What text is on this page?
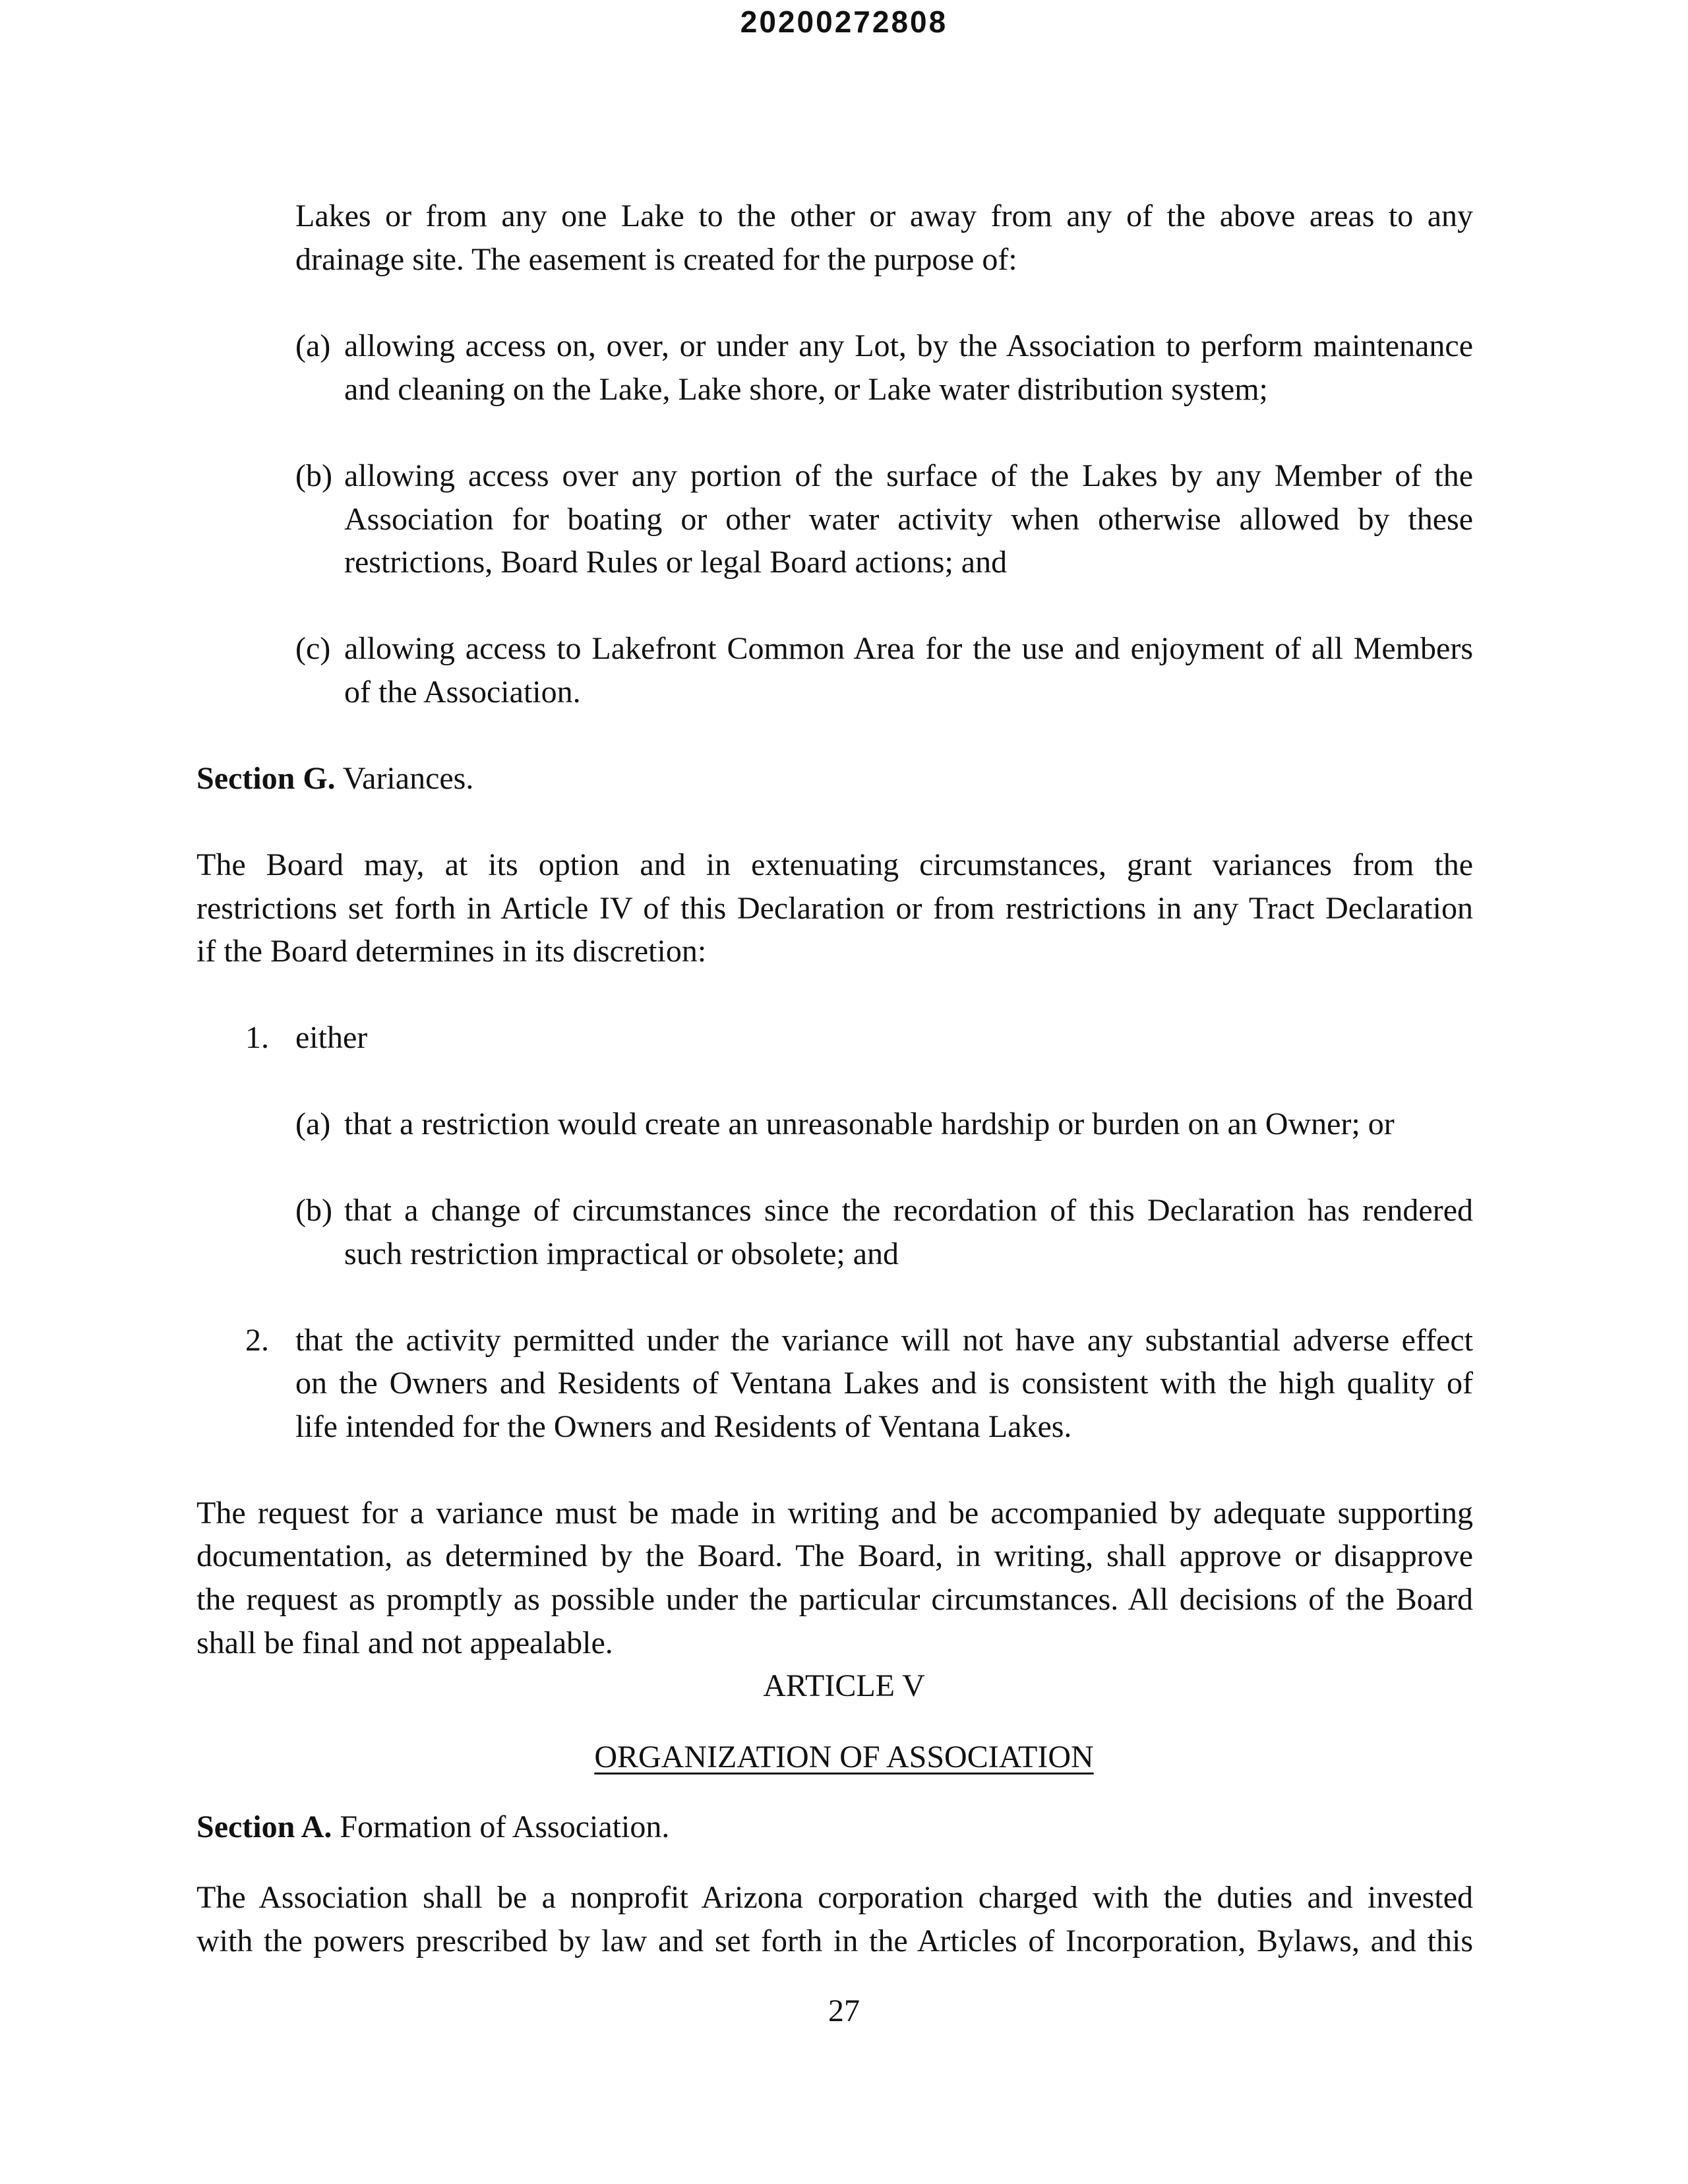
20200272808
Lakes or from any one Lake to the other or away from any of the above areas to any
drainage site. The easement is created for the purpose of:
(a) allowing access on, over, or under any Lot, by the Association to perform maintenance
and cleaning on the Lake, Lake shore, or Lake water distribution system;
(b) allowing access over any portion of the surface of the Lakes by any Member of the
Association for boating or other water activity when otherwise allowed by these
restrictions, Board Rules or legal Board actions; and
(c) allowing access to Lakefront Common Area for the use and enjoyment of all Members
of the Association.
Section G. Variances.
The Board may, at its option and in extenuating circumstances, grant variances from the
restrictions set forth in Article IV of this Declaration or from restrictions in any Tract Declaration
if the Board determines in its discretion:
1. either
(a) that a restriction would create an unreasonable hardship or burden on an Owner; or
(b) that a change of circumstances since the recordation of this Declaration has rendered
such restriction impractical or obsolete; and
2. that the activity permitted under the variance will not have any substantial adverse effect
on the Owners and Residents of Ventana Lakes and is consistent with the high quality of
life intended for the Owners and Residents of Ventana Lakes.
The request for a variance must be made in writing and be accompanied by adequate supporting
documentation, as determined by the Board. The Board, in writing, shall approve or disapprove
the request as promptly as possible under the particular circumstances. All decisions of the Board
shall be final and not appealable.
ARTICLE V
ORGANIZATION OF ASSOCIATION
Section A. Formation of Association.
The Association shall be a nonprofit Arizona corporation charged with the duties and invested
with the powers prescribed by law and set forth in the Articles of Incorporation, Bylaws, and this
27
